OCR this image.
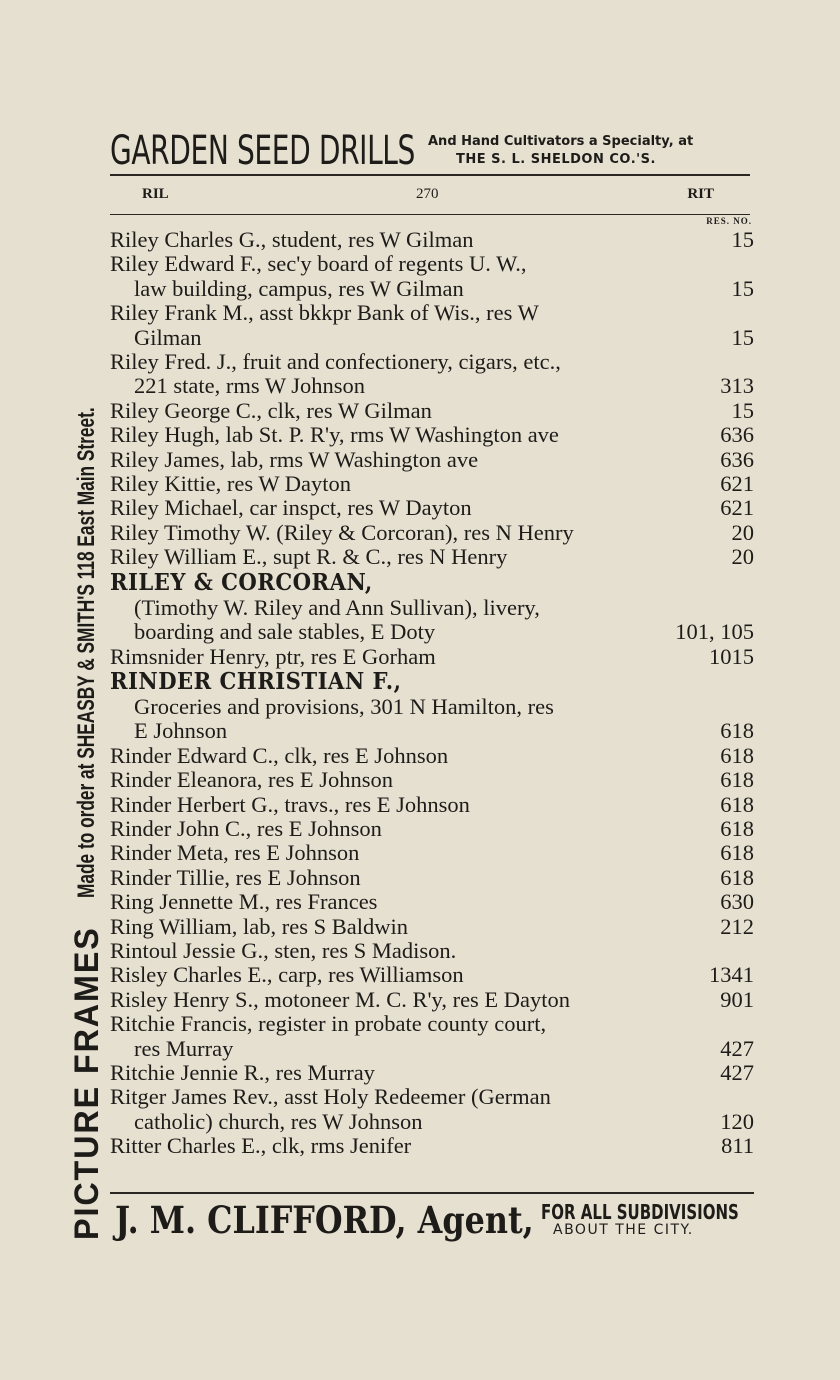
PICTURE FRAMES
Made to order at SHEASBY & SMITH'S 118 East Main Street.
GARDEN SEED DRILLS And Hand Cultivators a Specialty, at
THE S. L. SHELDON CO.'S.
RIL	270	RIT
RES. NO.
Riley Charles G., student, res W Gilman	15
Riley Edward F., sec'y board of regents U. W.,
law building, campus, res W Gilman	15
Riley Frank M., asst bkkpr Bank of Wis., res W
Gilman	15
Riley Fred. J., fruit and confectionery, cigars, etc.,
221 state, rms W Johnson	313
Riley George C., clk, res W Gilman	15
Riley Hugh, lab St. P. R'y, rms W Washington ave	636
Riley James, lab, rms W Washington ave	636
Riley Kittie, res W Dayton	621
Riley Michael, car inspct, res W Dayton	621
Riley Timothy W. (Riley & Corcoran), res N Henry	20
Riley William E., supt R. & C., res N Henry	20
RILEY & CORCORAN,
(Timothy W. Riley and Ann Sullivan), livery,
boarding and sale stables, E Doty	101, 105
Rimsnider Henry, ptr, res E Gorham	1015
RINDER CHRISTIAN F.,
Groceries and provisions, 301 N Hamilton, res
E Johnson	618
Rinder Edward C., clk, res E Johnson	618
Rinder Eleanora, res E Johnson	618
Rinder Herbert G., travs., res E Johnson	618
Rinder John C., res E Johnson	618
Rinder Meta, res E Johnson	618
Rinder Tillie, res E Johnson	618
Ring Jennette M., res Frances	630
Ring William, lab, res S Baldwin	212
Rintoul Jessie G., sten, res S Madison.
Risley Charles E., carp, res Williamson	1341
Risley Henry S., motoneer M. C. R'y, res E Dayton	901
Ritchie Francis, register in probate county court,
res Murray	427
Ritchie Jennie R., res Murray	427
Ritger James Rev., asst Holy Redeemer (German
catholic) church, res W Johnson	120
Ritter Charles E., clk, rms Jenifer	811
J. M. CLIFFORD, Agent, FOR ALL SUBDIVISIONS
ABOUT THE CITY.
